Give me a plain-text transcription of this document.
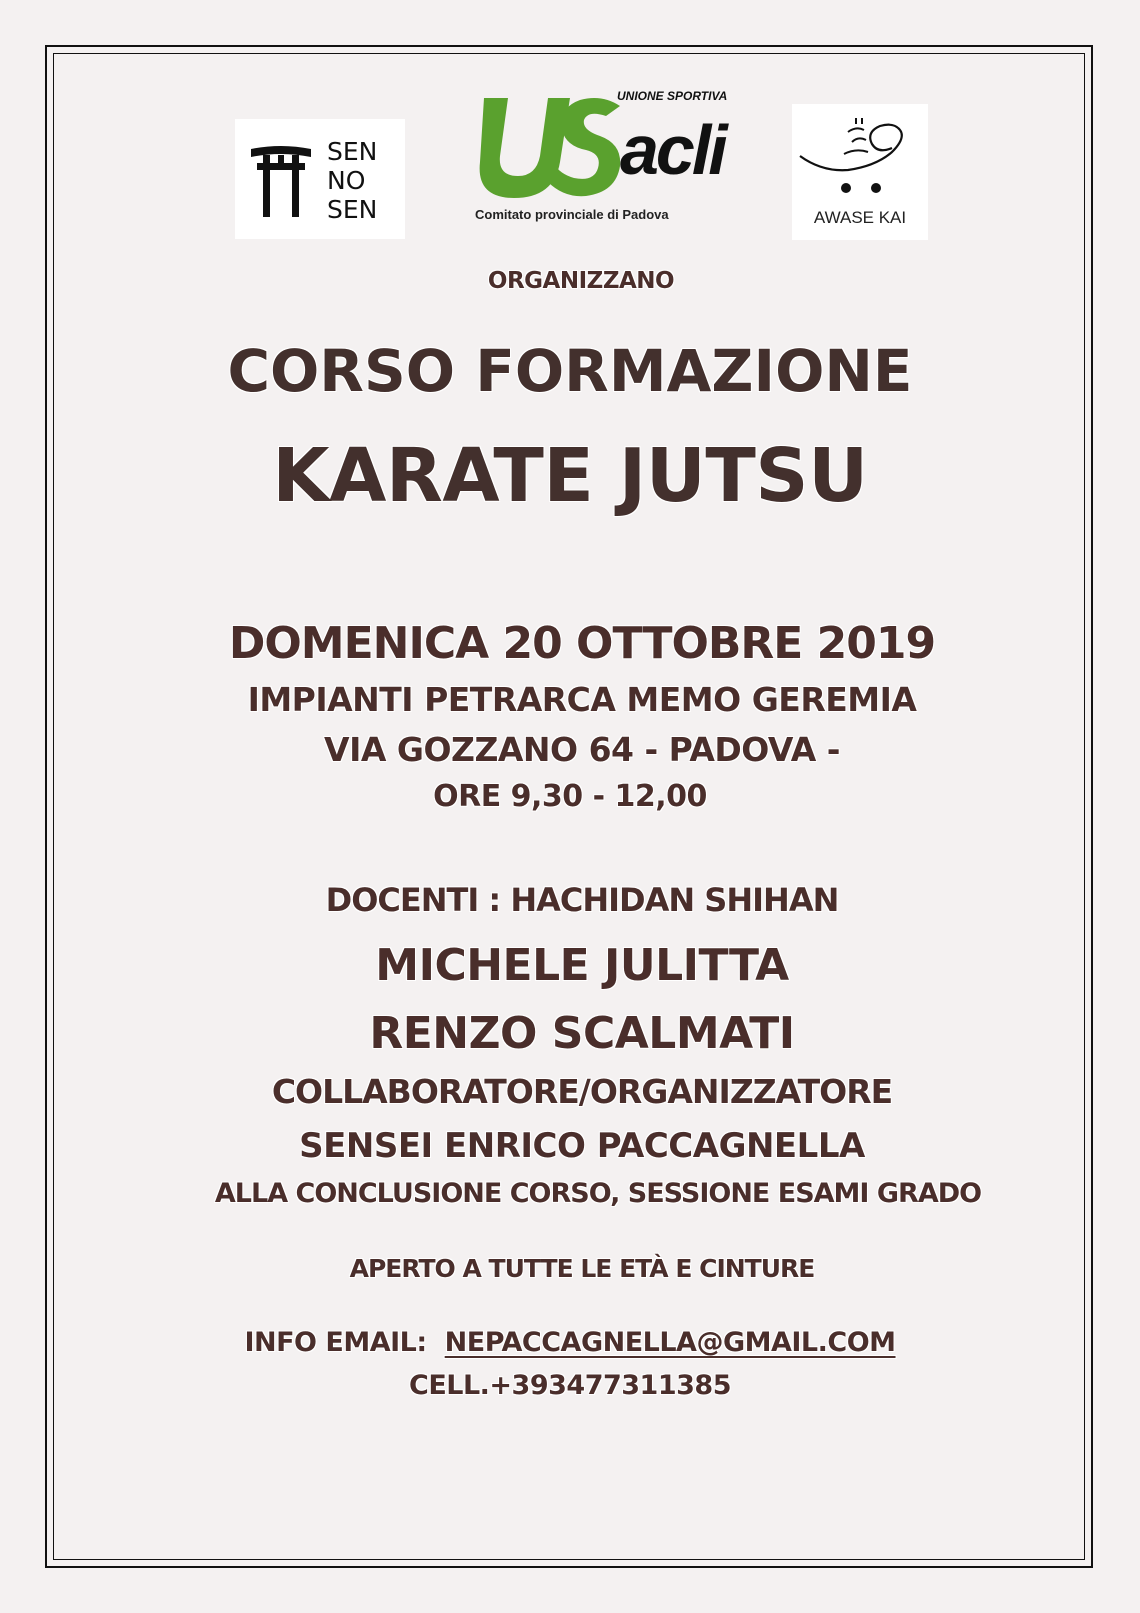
SEN
NO
SEN
UNIONE SPORTIVA
acli
Comitato provinciale di Padova	AWASE KAI
ORGANIZZANO
CORSO FORMAZIONE
KARATE JUTSU
DOMENICA 20 OTTOBRE 2019
IMPIANTI PETRARCA MEMO GEREMIA
VIA GOZZANO 64 - PADOVA -
ORE 9,30 - 12,00
DOCENTI : HACHIDAN SHIHAN
MICHELE JULITTA
RENZO SCALMATI
COLLABORATORE/ORGANIZZATORE
SENSEI ENRICO PACCAGNELLA
ALLA CONCLUSIONE CORSO, SESSIONE ESAMI GRADO
APERTO A TUTTE LE ETÀ E CINTURE
INFO EMAIL: NEPACCAGNELLA@GMAIL.COM
CELL.+393477311385
